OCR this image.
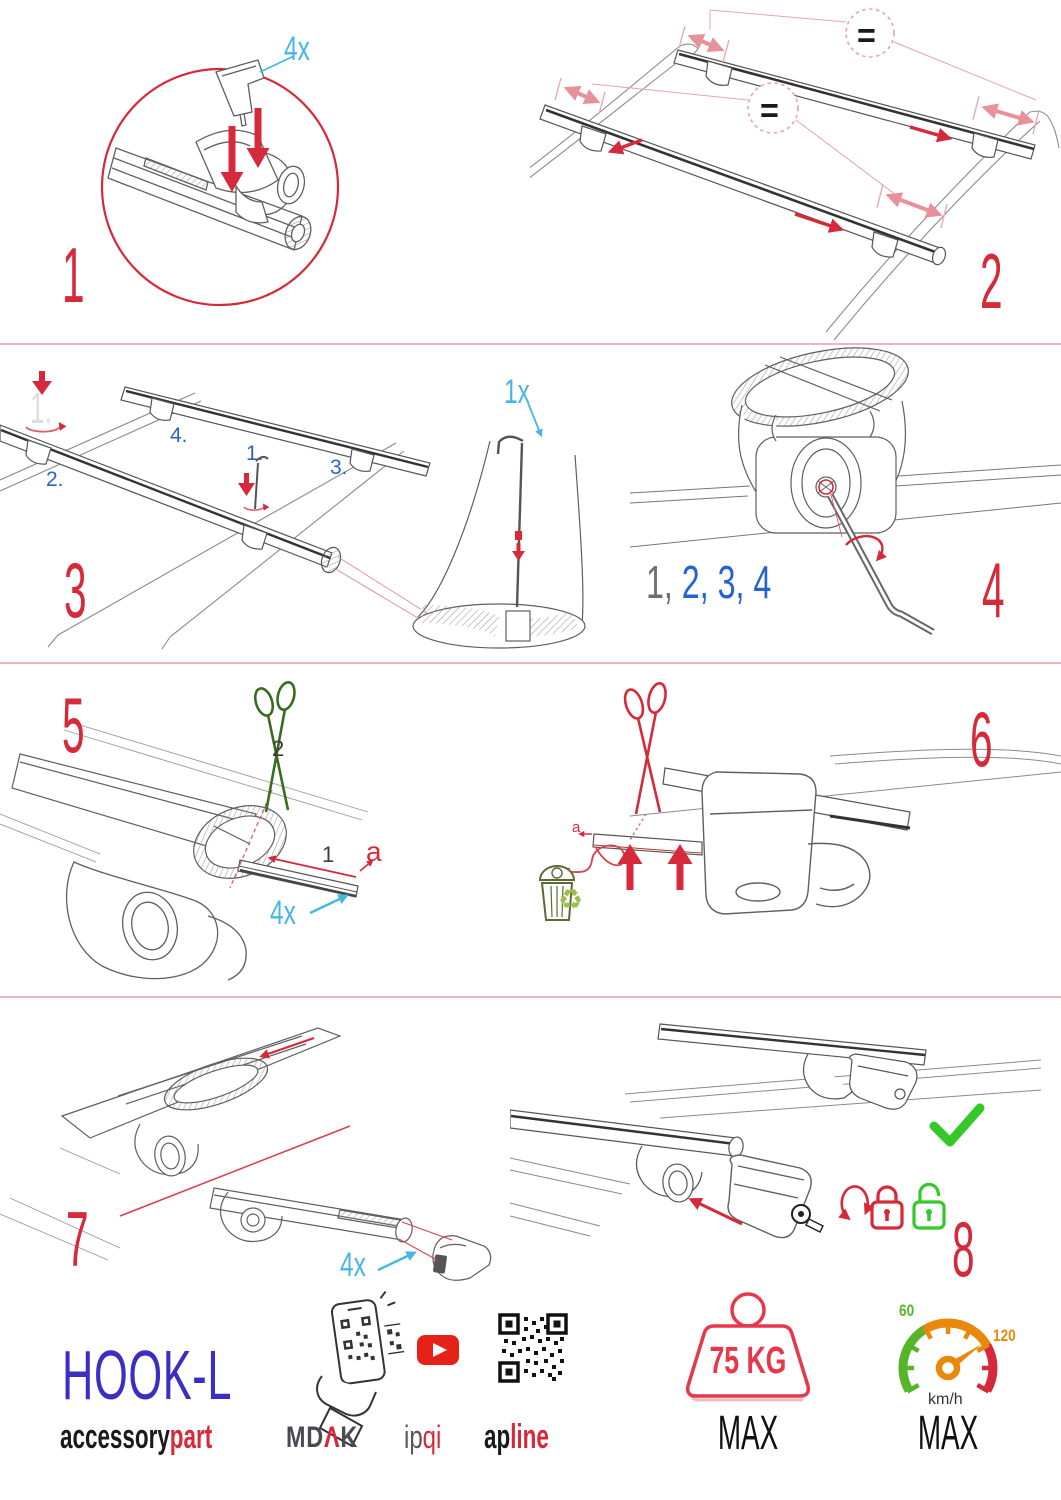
4x
1
=
=
2
1.
2.
4.
1.
3.
1x
3	1, 2, 3, 4	4
2
1 a
4x
5
a
♻
6
4x
7	8
HOOK-L
accessorypart MDΛK ipqi apline
75 KG
MAX
60
120
km/h
MAX
